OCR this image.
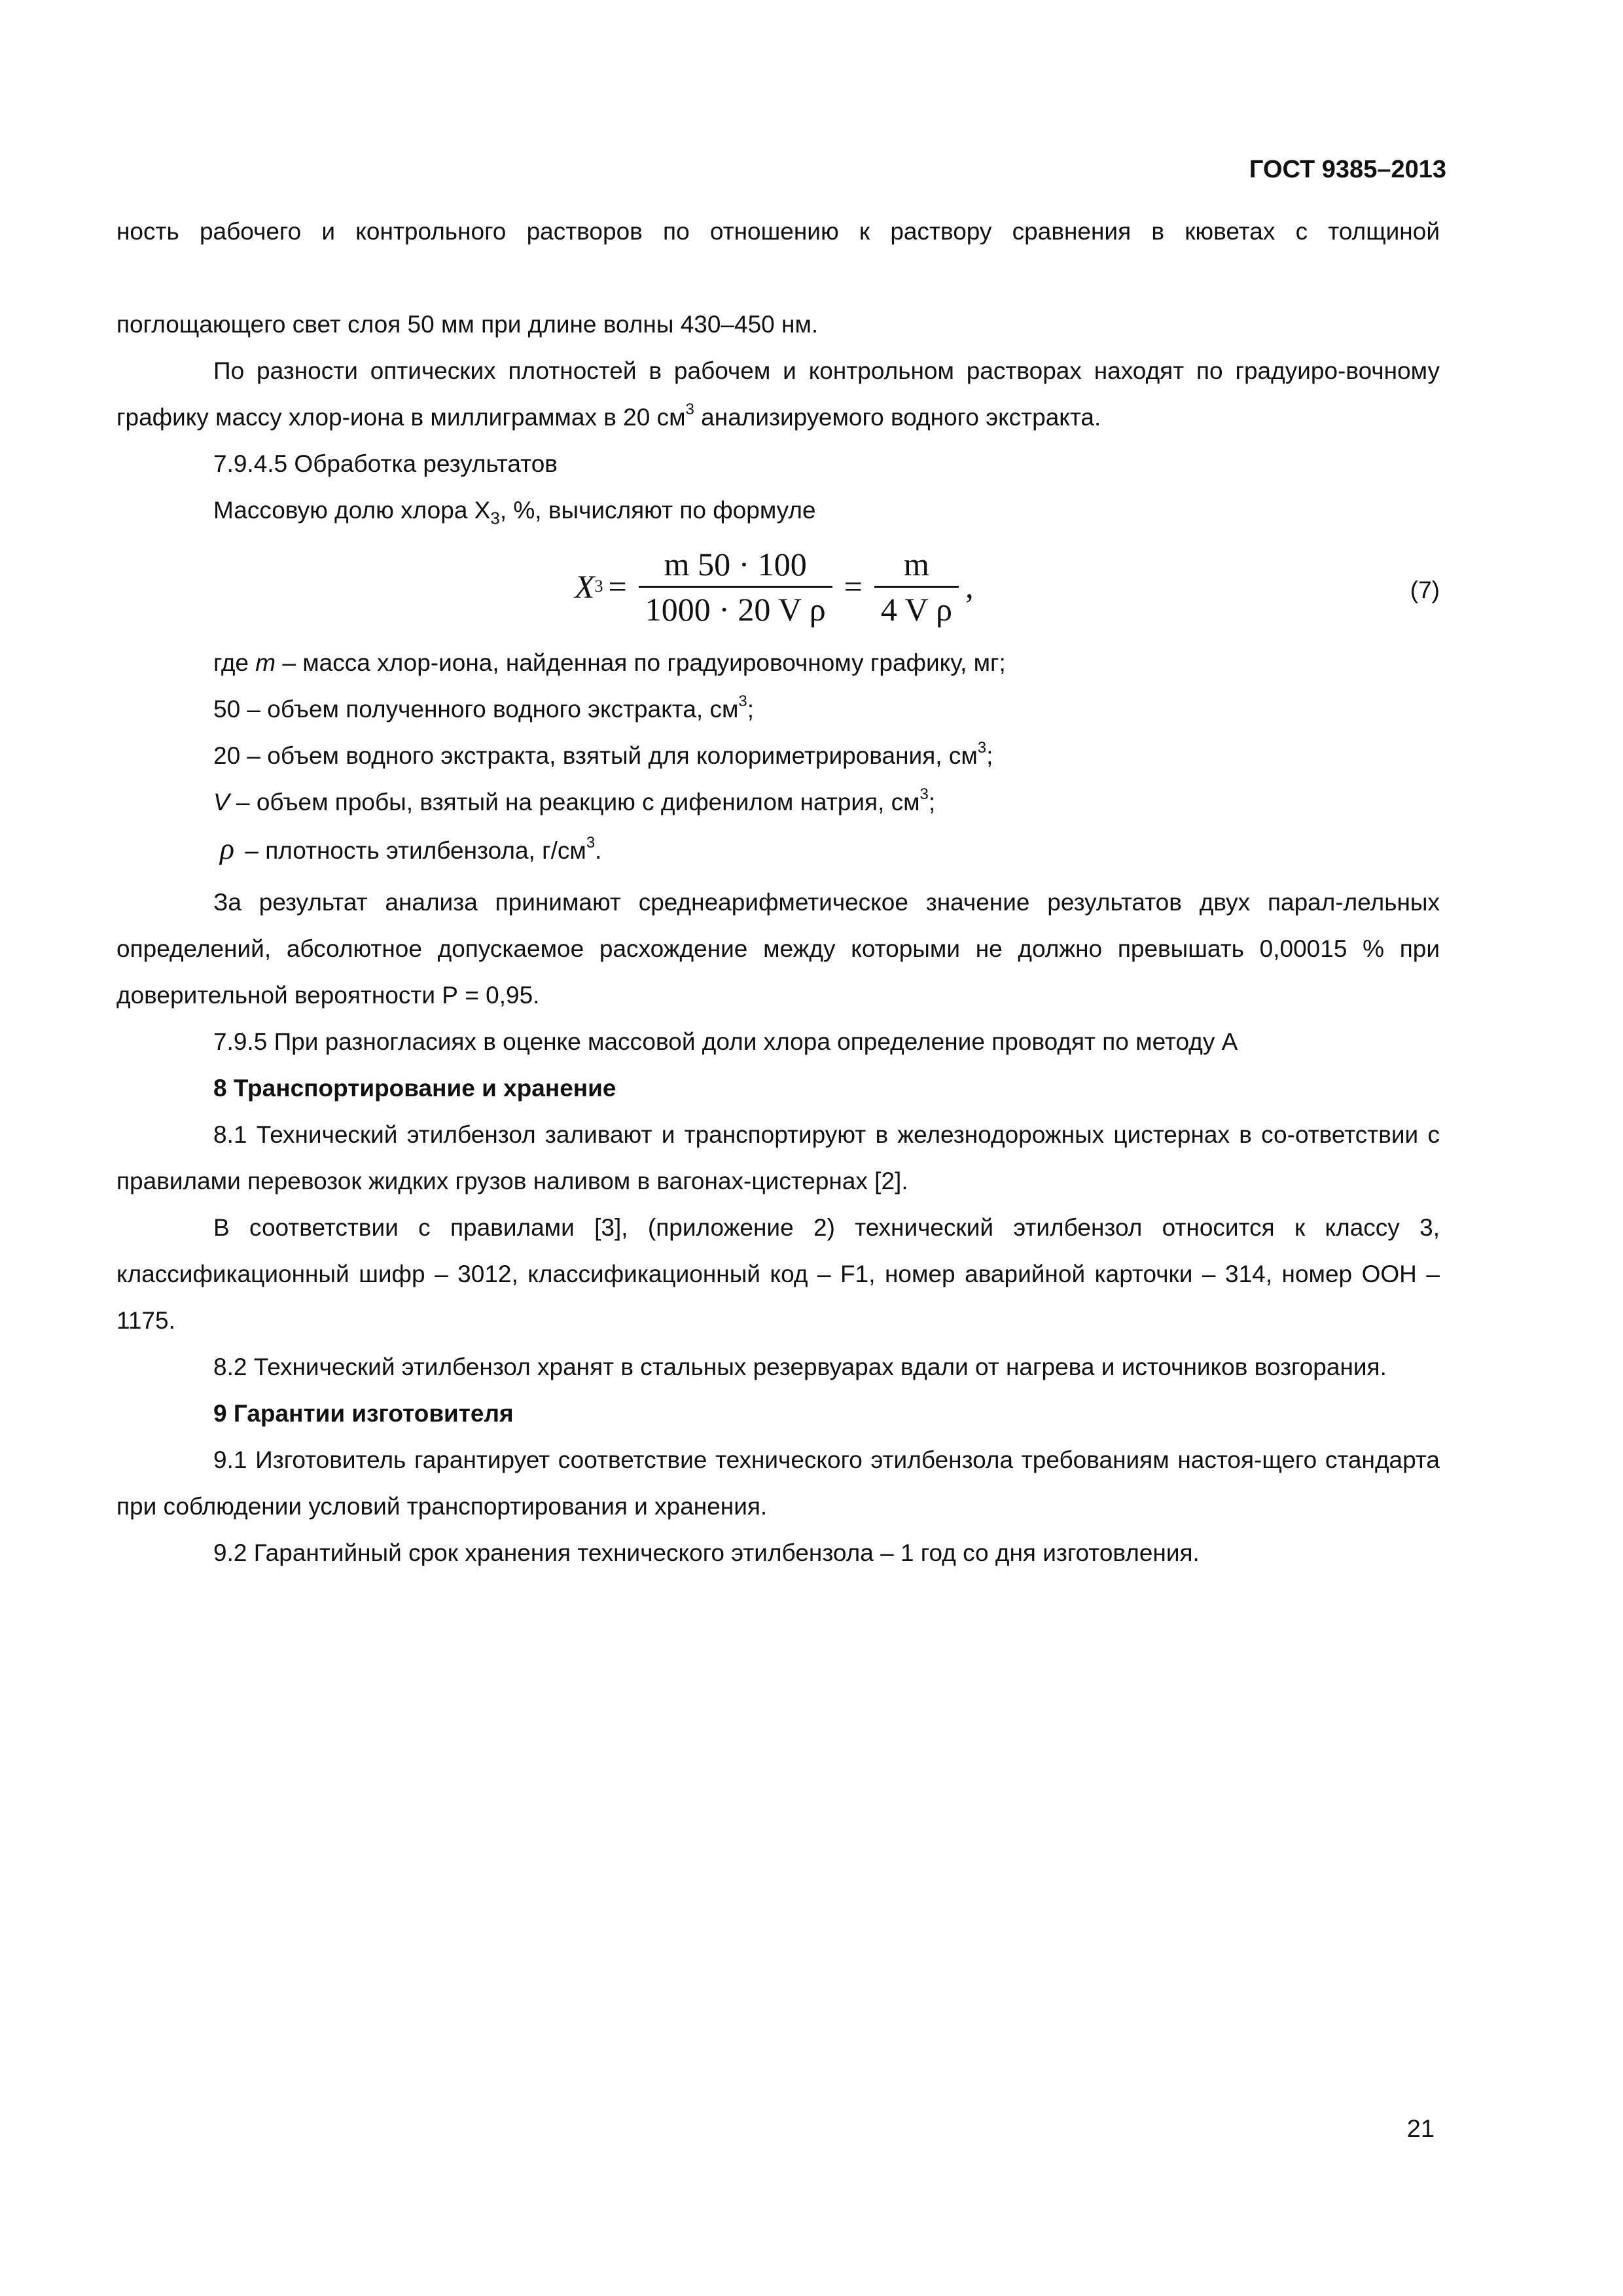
ГОСТ 9385–2013

ность рабочего и контрольного растворов по отношению к раствору сравнения в кюветах с толщиной

поглощающего свет слоя 50 мм при длине волны 430–450 нм.

По разности оптических плотностей в рабочем и контрольном растворах находят по градуиро-вочному графику массу хлор-иона в миллиграммах в 20 $см^3$ анализируемого водного экстракта.

7.9.4.5 Обработка результатов

Массовую долю хлора $Х_3$, %, вычисляют по формуле

X $3 = \frac{m 50 \cdot 100}{\text{1000 · 20 V ρ}} = \frac{m}{\text{4 V ρ}}$ ,	(7)

где m – масса хлор-иона, найденная по градуировочному графику, мг;

50 – объем полученного водного экстракта, $см^3$;

20 – объем водного экстракта, взятый для колориметрирования, $см^3$;

V – объем пробы, взятый на реакцию с дифенилом натрия, $см^3$;

ρ – плотность этилбензола, $г/см^3$.

За результат анализа принимают среднеарифметическое значение результатов двух парал-лельных определений, абсолютное допускаемое расхождение между которыми не должно превышать 0,00015 % при доверительной вероятности Р = 0,95.

7.9.5 При разногласиях в оценке массовой доли хлора определение проводят по методу А

8 Транспортирование и хранение

8.1 Технический этилбензол заливают и транспортируют в железнодорожных цистернах в со-ответствии с правилами перевозок жидких грузов наливом в вагонах-цистернах [2].

В соответствии с правилами [3], (приложение 2) технический этилбензол относится к классу 3, классификационный шифр – 3012, классификационный код – F1, номер аварийной карточки – 314, номер ООН – 1175.

8.2 Технический этилбензол хранят в стальных резервуарах вдали от нагрева и источников возгорания.

9 Гарантии изготовителя

9.1 Изготовитель гарантирует соответствие технического этилбензола требованиям настоя-щего стандарта при соблюдении условий транспортирования и хранения.

9.2 Гарантийный срок хранения технического этилбензола – 1 год со дня изготовления.

21
